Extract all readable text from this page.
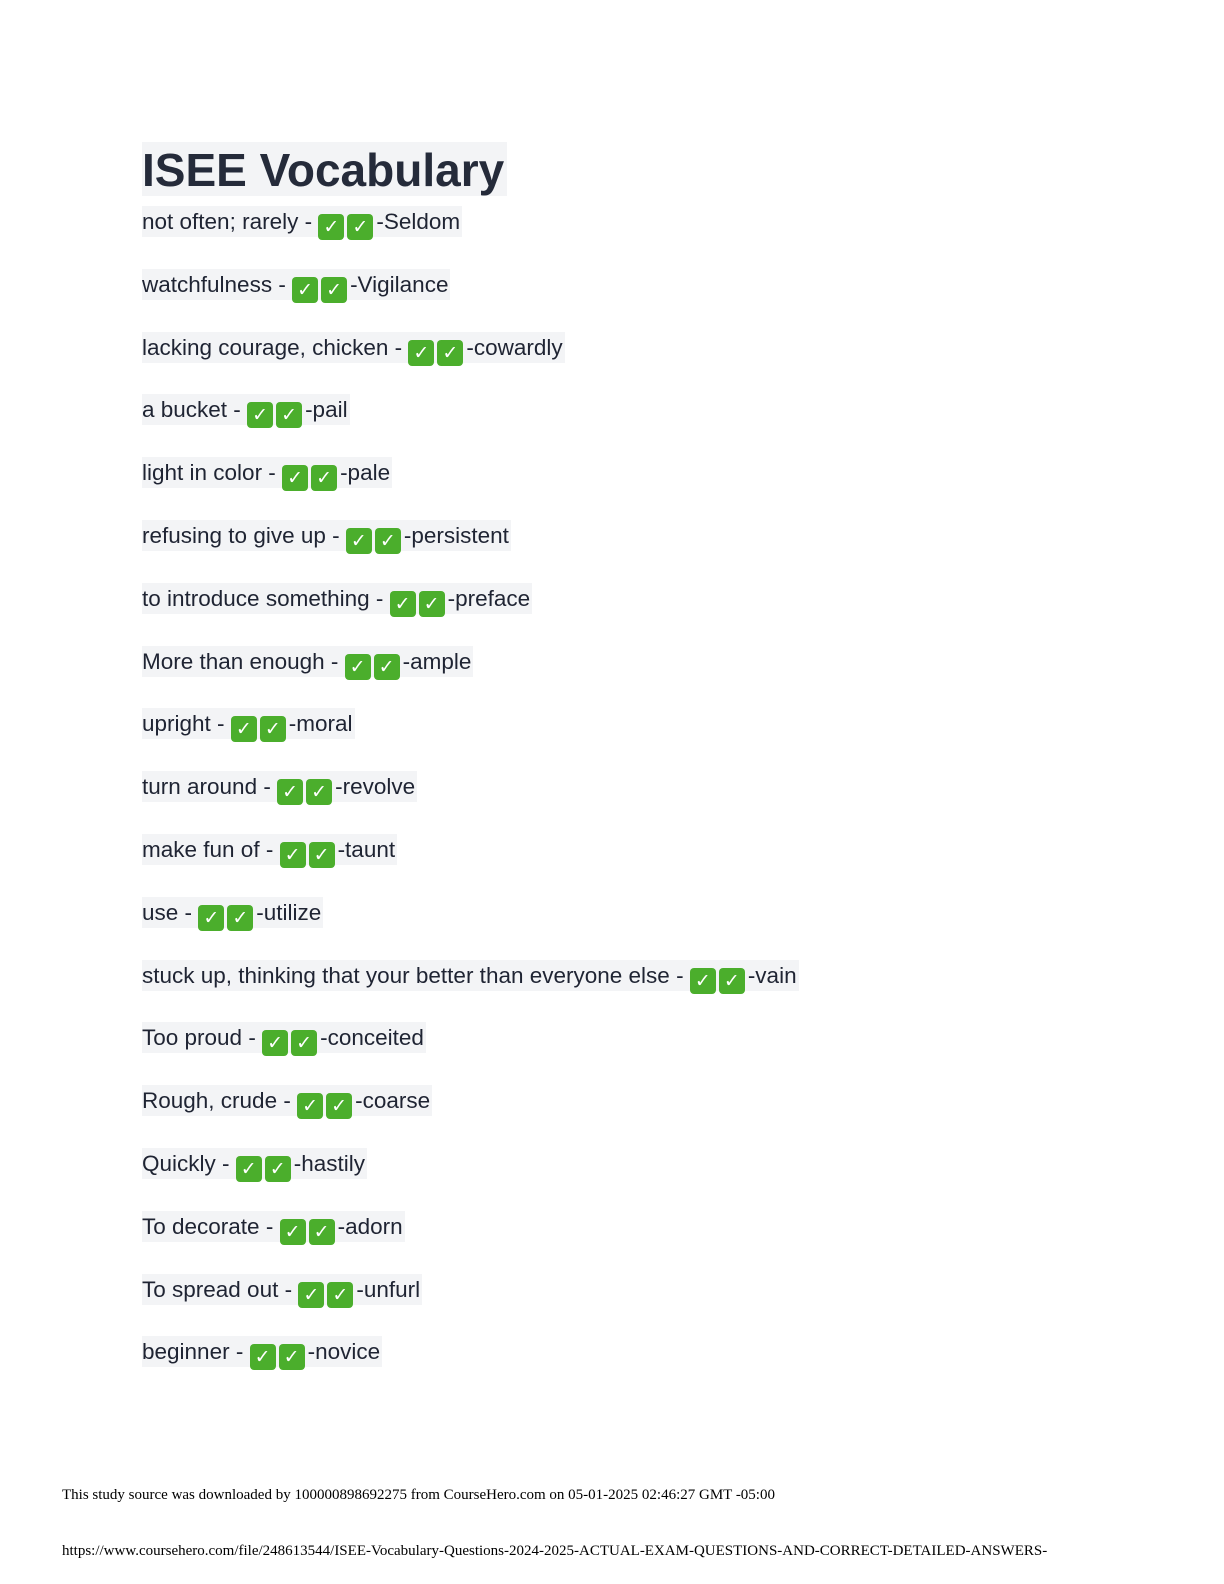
ISEE Vocabulary
not often; rarely - ✓ ✓ -Seldom
watchfulness - ✓ ✓ -Vigilance
lacking courage, chicken - ✓ ✓ -cowardly
a bucket - ✓ ✓ -pail
light in color - ✓ ✓ -pale
refusing to give up - ✓ ✓ -persistent
to introduce something - ✓ ✓ -preface
More than enough - ✓ ✓ -ample
upright - ✓ ✓ -moral
turn around - ✓ ✓ -revolve
make fun of - ✓ ✓ -taunt
use - ✓ ✓ -utilize
stuck up, thinking that your better than everyone else - ✓ ✓ -vain
Too proud - ✓ ✓ -conceited
Rough, crude - ✓ ✓ -coarse
Quickly - ✓ ✓ -hastily
To decorate - ✓ ✓ -adorn
To spread out - ✓ ✓ -unfurl
beginner - ✓ ✓ -novice

This study source was downloaded by 100000898692275 from CourseHero.com on 05-01-2025 02:46:27 GMT -05:00

https://www.coursehero.com/file/248613544/ISEE-Vocabulary-Questions-2024-2025-ACTUAL-EXAM-QUESTIONS-AND-CORRECT-DETAILED-ANSWERS-
